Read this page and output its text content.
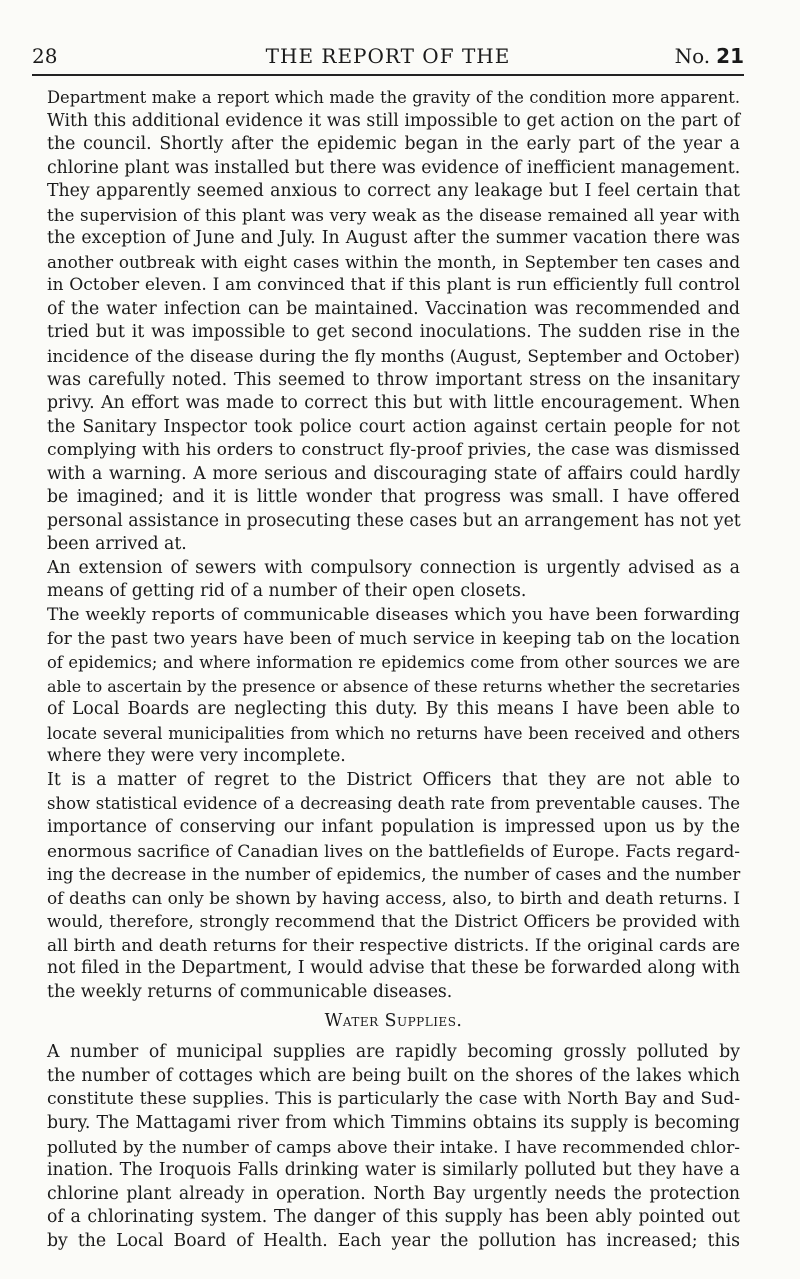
28	THE REPORT OF THE	No. 21
Department make a report which made the gravity of the condition more apparent.
With this additional evidence it was still impossible to get action on the part of
the council. Shortly after the epidemic began in the early part of the year a
chlorine plant was installed but there was evidence of inefficient management.
They apparently seemed anxious to correct any leakage but I feel certain that
the supervision of this plant was very weak as the disease remained all year with
the exception of June and July. In August after the summer vacation there was
another outbreak with eight cases within the month, in September ten cases and
in October eleven. I am convinced that if this plant is run efficiently full control
of the water infection can be maintained. Vaccination was recommended and
tried but it was impossible to get second inoculations. The sudden rise in the
incidence of the disease during the fly months (August, September and October)
was carefully noted. This seemed to throw important stress on the insanitary
privy. An effort was made to correct this but with little encouragement. When
the Sanitary Inspector took police court action against certain people for not
complying with his orders to construct fly-proof privies, the case was dismissed
with a warning. A more serious and discouraging state of affairs could hardly
be imagined; and it is little wonder that progress was small. I have offered
personal assistance in prosecuting these cases but an arrangement has not yet
been arrived at.
An extension of sewers with compulsory connection is urgently advised as a
means of getting rid of a number of their open closets.
The weekly reports of communicable diseases which you have been forwarding
for the past two years have been of much service in keeping tab on the location
of epidemics; and where information re epidemics come from other sources we are
able to ascertain by the presence or absence of these returns whether the secretaries
of Local Boards are neglecting this duty. By this means I have been able to
locate several municipalities from which no returns have been received and others
where they were very incomplete.
It is a matter of regret to the District Officers that they are not able to
show statistical evidence of a decreasing death rate from preventable causes. The
importance of conserving our infant population is impressed upon us by the
enormous sacrifice of Canadian lives on the battlefields of Europe. Facts regard-
ing the decrease in the number of epidemics, the number of cases and the number
of deaths can only be shown by having access, also, to birth and death returns. I
would, therefore, strongly recommend that the District Officers be provided with
all birth and death returns for their respective districts. If the original cards are
not filed in the Department, I would advise that these be forwarded along with
the weekly returns of communicable diseases.
Water Supplies.
A number of municipal supplies are rapidly becoming grossly polluted by
the number of cottages which are being built on the shores of the lakes which
constitute these supplies. This is particularly the case with North Bay and Sud-
bury. The Mattagami river from which Timmins obtains its supply is becoming
polluted by the number of camps above their intake. I have recommended chlor-
ination. The Iroquois Falls drinking water is similarly polluted but they have a
chlorine plant already in operation. North Bay urgently needs the protection
of a chlorinating system. The danger of this supply has been ably pointed out
by the Local Board of Health. Each year the pollution has increased; this
